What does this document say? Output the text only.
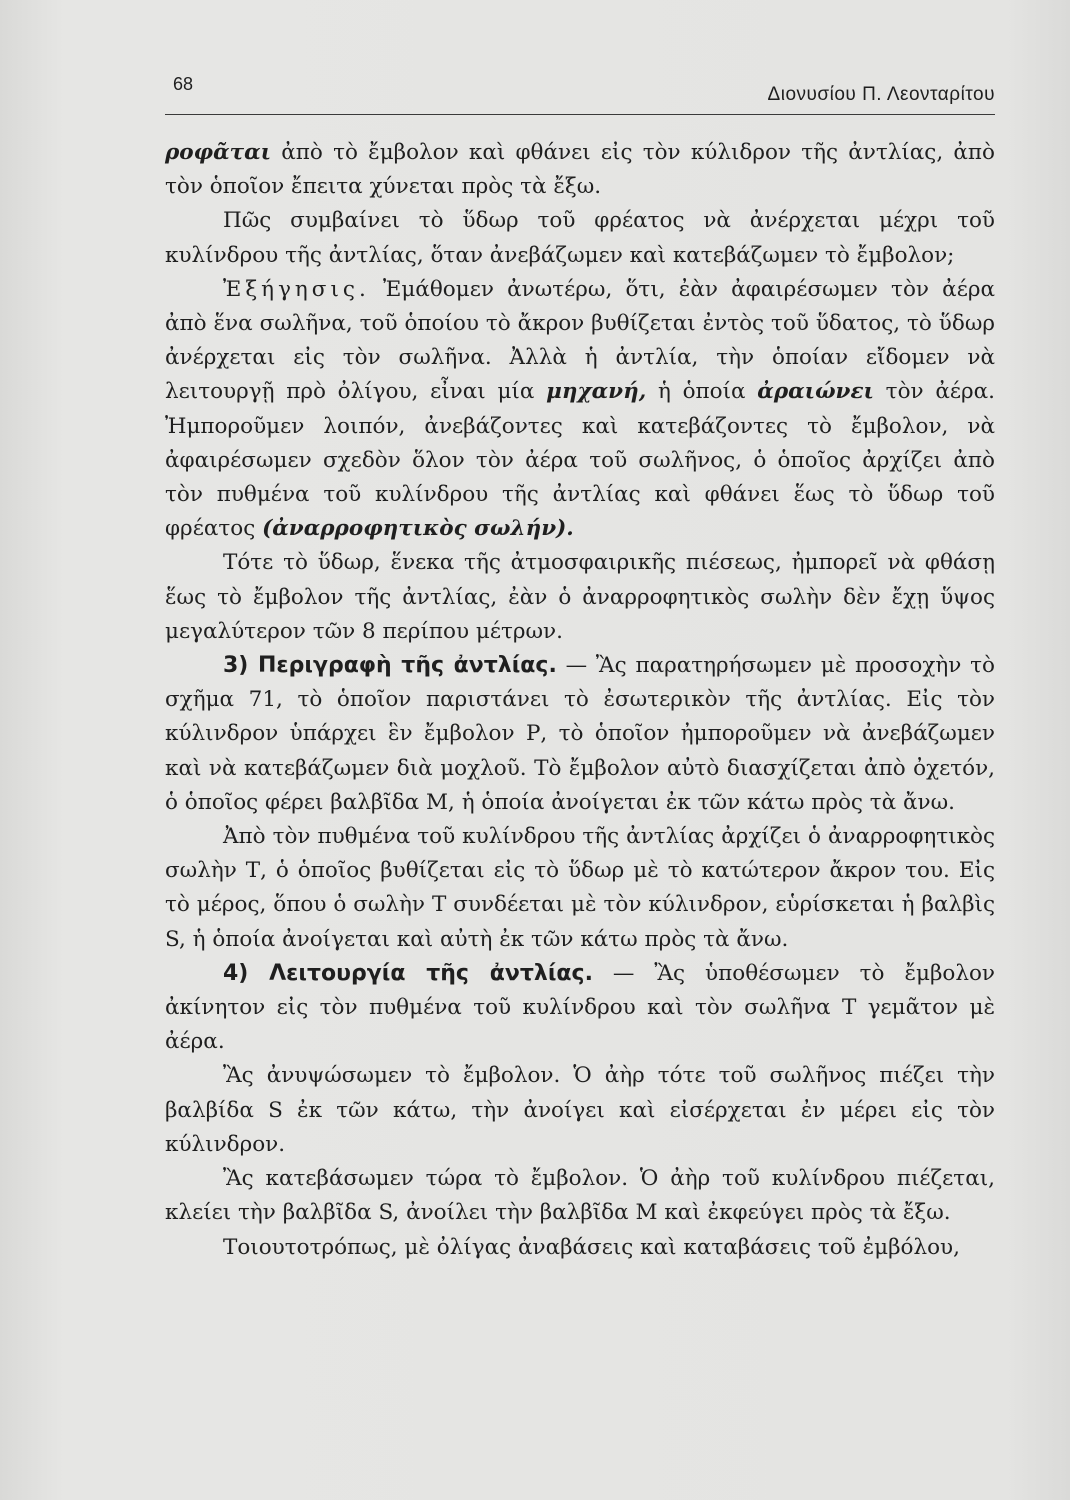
68	Διονυσίου Π. Λεονταρίτου

ροφᾶται ἀπὸ τὸ ἔμβολον καὶ φθάνει εἰς τὸν κύλιδρον τῆς ἀντλίας, ἀπὸ τὸν ὁποῖον ἔπειτα χύνεται πρὸς τὰ ἔξω.

Πῶς συμβαίνει τὸ ὕδωρ τοῦ φρέατος νὰ ἀνέρχεται μέχρι τοῦ κυλίνδρου τῆς ἀντλίας, ὅταν ἀνεβάζωμεν καὶ κατεβάζωμεν τὸ ἔμβολον;

Ἐξήγησις. Ἐμάθομεν ἀνωτέρω, ὅτι, ἐὰν ἀφαιρέσωμεν τὸν ἀέρα ἀπὸ ἕνα σωλῆνα, τοῦ ὁποίου τὸ ἄκρον βυθίζεται ἐντὸς τοῦ ὕδατος, τὸ ὕδωρ ἀνέρχεται εἰς τὸν σωλῆνα. Ἀλλὰ ἡ ἀντλία, τὴν ὁποίαν εἴδομεν νὰ λειτουργῇ πρὸ ὀλίγου, εἶναι μία μηχανή, ἡ ὁποία ἀραιώνει τὸν ἀέρα. Ἠμποροῦμεν λοιπόν, ἀνεβάζοντες καὶ κατεβάζοντες τὸ ἔμβολον, νὰ ἀφαιρέσωμεν σχεδὸν ὅλον τὸν ἀέρα τοῦ σωλῆνος, ὁ ὁποῖος ἀρχίζει ἀπὸ τὸν πυθμένα τοῦ κυλίνδρου τῆς ἀντλίας καὶ φθάνει ἕως τὸ ὕδωρ τοῦ φρέατος (ἀναρροφητικὸς σωλήν).

Τότε τὸ ὕδωρ, ἕνεκα τῆς ἀτμοσφαιρικῆς πιέσεως, ἠμπορεῖ νὰ φθάσῃ ἕως τὸ ἔμβολον τῆς ἀντλίας, ἐὰν ὁ ἀναρροφητικὸς σωλὴν δὲν ἔχῃ ὕψος μεγαλύτερον τῶν 8 περίπου μέτρων.

3) Περιγραφὴ τῆς ἀντλίας. — Ἂς παρατηρήσωμεν μὲ προσοχὴν τὸ σχῆμα 71, τὸ ὁποῖον παριστάνει τὸ ἐσωτερικὸν τῆς ἀντλίας. Εἰς τὸν κύλινδρον ὑπάρχει ἓν ἔμβολον Ρ, τὸ ὁποῖον ἠμποροῦμεν νὰ ἀνεβάζωμεν καὶ νὰ κατεβάζωμεν διὰ μοχλοῦ. Τὸ ἔμβολον αὐτὸ διασχίζεται ἀπὸ ὀχετόν, ὁ ὁποῖος φέρει βαλβῖδα Μ, ἡ ὁποία ἀνοίγεται ἐκ τῶν κάτω πρὸς τὰ ἄνω.

Ἀπὸ τὸν πυθμένα τοῦ κυλίνδρου τῆς ἀντλίας ἀρχίζει ὁ ἀναρροφητικὸς σωλὴν Τ, ὁ ὁποῖος βυθίζεται εἰς τὸ ὕδωρ μὲ τὸ κατώτερον ἄκρον του. Εἰς τὸ μέρος, ὅπου ὁ σωλὴν Τ συνδέεται μὲ τὸν κύλινδρον, εὑρίσκεται ἡ βαλβὶς S, ἡ ὁποία ἀνοίγεται καὶ αὐτὴ ἐκ τῶν κάτω πρὸς τὰ ἄνω.

4) Λειτουργία τῆς ἀντλίας. — Ἂς ὑποθέσωμεν τὸ ἔμβολον ἀκίνητον εἰς τὸν πυθμένα τοῦ κυλίνδρου καὶ τὸν σωλῆνα Τ γεμᾶτον μὲ ἀέρα.

Ἂς ἀνυψώσωμεν τὸ ἔμβολον. Ὁ ἀὴρ τότε τοῦ σωλῆνος πιέζει τὴν βαλβίδα S ἐκ τῶν κάτω, τὴν ἀνοίγει καὶ εἰσέρχεται ἐν μέρει εἰς τὸν κύλινδρον.

Ἂς κατεβάσωμεν τώρα τὸ ἔμβολον. Ὁ ἀὴρ τοῦ κυλίνδρου πιέζεται, κλείει τὴν βαλβῖδα S, ἀνοίλει τὴν βαλβῖδα Μ καὶ ἐκφεύγει πρὸς τὰ ἔξω.

Τοιουτοτρόπως, μὲ ὀλίγας ἀναβάσεις καὶ καταβάσεις τοῦ ἐμβόλου,
